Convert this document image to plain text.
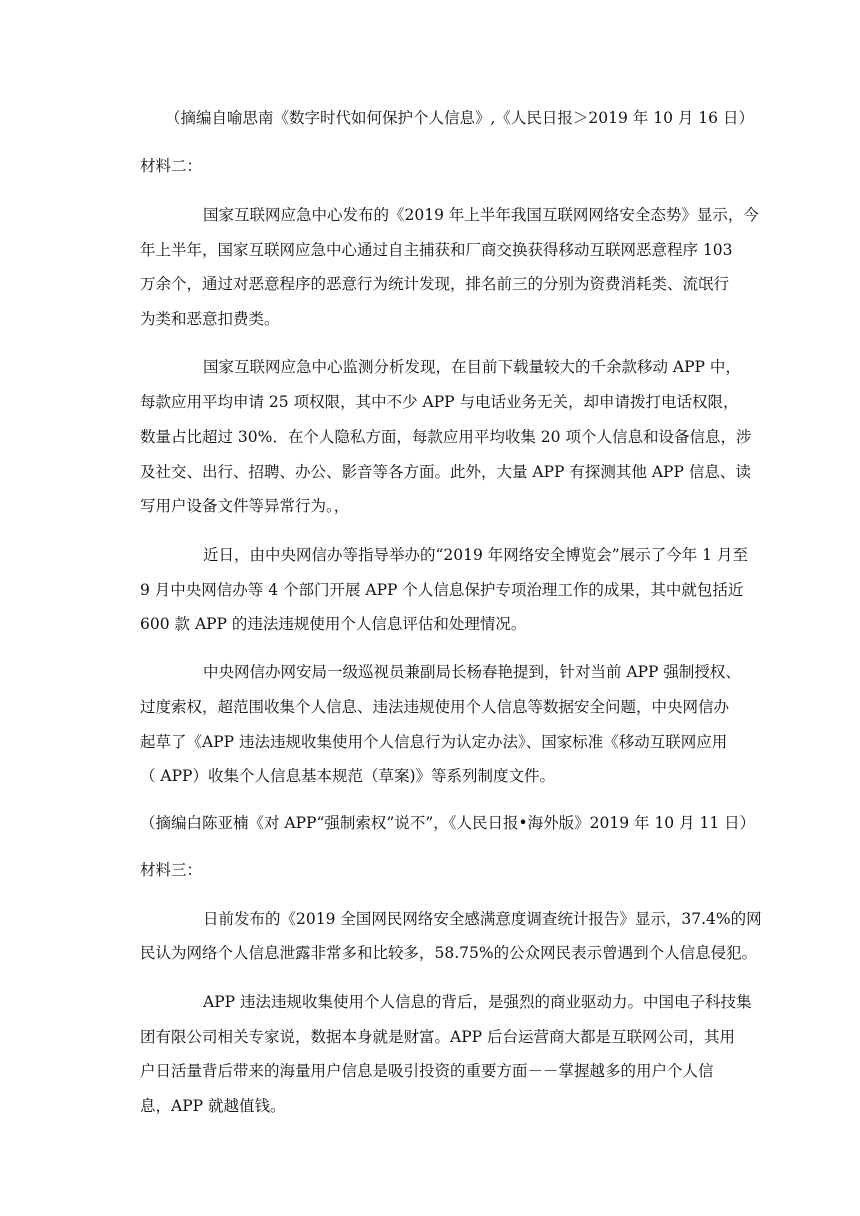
（摘编自喻思南《数字时代如何保护个人信息》,《人民日报＞2019 年 10 月 16 日）
材料二：
国家互联网应急中心发布的《2019 年上半年我国互联网网络安全态势》显示，今
年上半年，国家互联网应急中心通过自主捕获和厂商交换获得移动互联网恶意程序 103
万余个，通过对恶意程序的恶意行为统计发现，排名前三的分别为资费消耗类、流氓行
为类和恶意扣费类。
国家互联网应急中心监测分析发现，在目前下载量较大的千余款移动 APP 中，
每款应用平均申请 25 项权限，其中不少 APP 与电话业务无关，却申请拨打电话权限，
数量占比超过 30%．在个人隐私方面，每款应用平均收集 20 项个人信息和设备信息，涉
及社交、出行、招聘、办公、影音等各方面。此外，大量 APP 有探测其他 APP 信息、读
写用户设备文件等异常行为。，
近日，由中央网信办等指导举办的“2019 年网络安全博览会”展示了今年 1 月至
9 月中央网信办等 4 个部门开展 APP 个人信息保护专项治理工作的成果，其中就包括近
600 款 APP 的违法违规使用个人信息评估和处理情况。
中央网信办网安局一级巡视员兼副局长杨春艳提到，针对当前 APP 强制授权、
过度索权，超范围收集个人信息、违法违规使用个人信息等数据安全问题，中央网信办
起草了《APP 违法违规收集使用个人信息行为认定办法》、国家标准《移动互联网应用
（ APP）收集个人信息基本规范（草案)》等系列制度文件。
（摘编白陈亚楠《对 APP“强制索权”说不”，《人民日报•海外版》2019 年 10 月 11 日）
材料三：
日前发布的《2019 全国网民网络安全感满意度调查统计报告》显示，37.4%的网
民认为网络个人信息泄露非常多和比较多，58.75%的公众网民表示曾遇到个人信息侵犯。
APP 违法违规收集使用个人信息的背后，是强烈的商业驱动力。中国电子科技集
团有限公司相关专家说，数据本身就是财富。APP 后台运营商大都是互联网公司，其用
户日活量背后带来的海量用户信息是吸引投资的重要方面－－掌握越多的用户个人信
息，APP 就越值钱。
